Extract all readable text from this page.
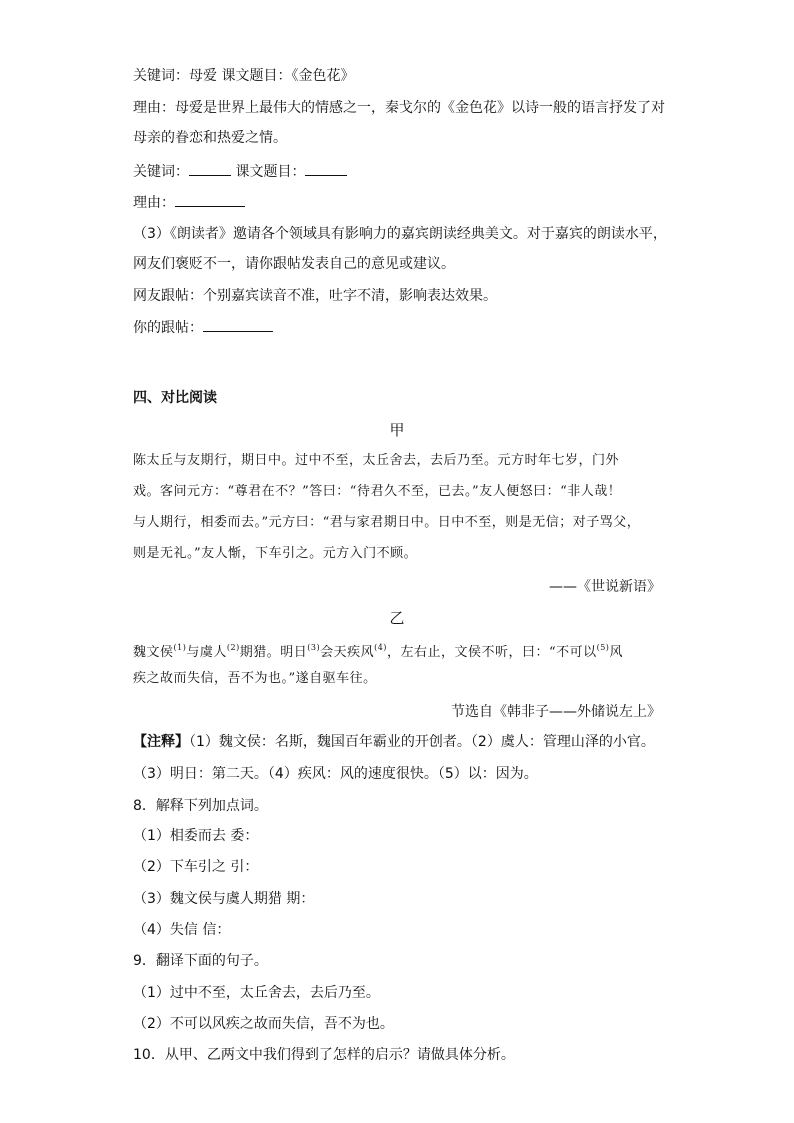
关键词：母爱 课文题目：《金色花》
理由：母爱是世界上最伟大的情感之一，秦戈尔的《金色花》以诗一般的语言抒发了对
母亲的眷恋和热爱之情。
关键词：	课文题目：
理由：
（3）《朗读者》邀请各个领域具有影响力的嘉宾朗读经典美文。对于嘉宾的朗读水平，
网友们褒贬不一，请你跟帖发表自己的意见或建议。
网友跟帖：个别嘉宾读音不准，吐字不清，影响表达效果。
你的跟帖：
四、对比阅读
甲
陈太丘与友期行，期日中。过中不至，太丘舍去，去后乃至。元方时年七岁，门外
戏。客问元方：“尊君在不？”答曰：“待君久不至，已去。”友人便怒曰：“非人哉！
与人期行，相委而去。”元方曰：“君与家君期日中。日中不至，则是无信；对子骂父，
则是无礼。”友人惭，下车引之。元方入门不顾。
——《世说新语》
乙
魏文侯$^{(1)}$与虞人$^{(2)}$期猎。明日$^{(3)}$会天疾风$^{(4)}$，左右止，文侯不听，曰：“不可以$^{(5)}$风
疾之故而失信，吾不为也。”遂自驱车往。
节选自《韩非子——外储说左上》
【注释】（1）魏文侯：名斯，魏国百年霸业的开创者。（2）虞人：管理山泽的小官。
（3）明日：第二天。（4）疾风：风的速度很快。（5）以：因为。
8．解释下列加点词。
（1）相委而去 委：
（2）下车引之 引：
（3）魏文侯与虞人期猎 期：
（4）失信 信：
9．翻译下面的句子。
（1）过中不至，太丘舍去，去后乃至。
（2）不可以风疾之故而失信，吾不为也。
10．从甲、乙两文中我们得到了怎样的启示？请做具体分析。
